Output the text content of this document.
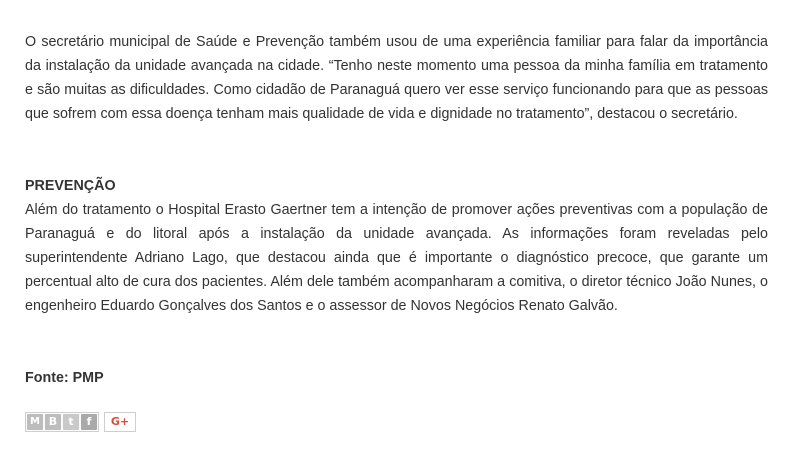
O secretário municipal de Saúde e Prevenção também usou de uma experiência familiar para falar da importância da instalação da unidade avançada na cidade. “Tenho neste momento uma pessoa da minha família em tratamento e são muitas as dificuldades. Como cidadão de Paranaguá quero ver esse serviço funcionando para que as pessoas que sofrem com essa doença tenham mais qualidade de vida e dignidade no tratamento”, destacou o secretário.

PREVENÇÃO

Além do tratamento o Hospital Erasto Gaertner tem a intenção de promover ações preventivas com a população de Paranaguá e do litoral após a instalação da unidade avançada. As informações foram reveladas pelo superintendente Adriano Lago, que destacou ainda que é importante o diagnóstico precoce, que garante um percentual alto de cura dos pacientes. Além dele também acompanharam a comitiva, o diretor técnico João Nunes, o engenheiro Eduardo Gonçalves dos Santos e o assessor de Novos Negócios Renato Galvão.

Fonte: PMP

M B	t	f	G+
